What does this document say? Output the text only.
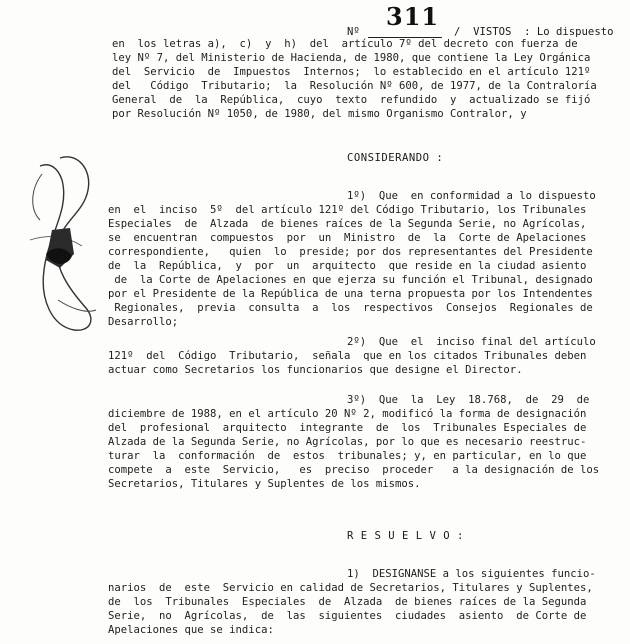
311
Nº	/  VISTOS  : Lo dispuesto
en  los letras a),  c)  y  h)  del  artículo 7º del decreto con fuerza de
ley Nº 7, del Ministerio de Hacienda, de 1980, que contiene la Ley Orgánica
del  Servicio  de  Impuestos  Internos;  lo establecido en el artículo 121º
del   Código  Tributario;  la  Resolución Nº 600, de 1977, de la Contraloría
General  de  la  República,  cuyo  texto  refundido  y  actualizado se fijó
por Resolución Nº 1050, de 1980, del mismo Organismo Contralor, y
CONSIDERANDO :
1º)  Que  en conformidad a lo dispuesto
en  el  inciso  5º  del artículo 121º del Código Tributario, los Tribunales
Especiales  de  Alzada  de bienes raíces de la Segunda Serie, no Agrícolas,
se  encuentran  compuestos  por  un  Ministro  de  la  Corte de Apelaciones
correspondiente,   quien  lo  preside; por dos representantes del Presidente
de  la  República,  y  por  un  arquitecto  que reside en la ciudad asiento
de  la Corte de Apelaciones en que ejerza su función el Tribunal, designado
por el Presidente de la República de una terna propuesta por los Intendentes
Regionales,  previa  consulta  a  los  respectivos  Consejos  Regionales de
Desarrollo;
2º)  Que  el  inciso final del artículo
121º  del  Código  Tributario,  señala  que en los citados Tribunales deben
actuar como Secretarios los funcionarios que designe el Director.
3º)  Que  la  Ley  18.768,  de  29  de
diciembre de 1988, en el artículo 20 Nº 2, modificó la forma de designación
del  profesional  arquitecto  integrante  de  los  Tribunales Especiales de
Alzada de la Segunda Serie, no Agrícolas, por lo que es necesario reestruc-
turar  la  conformación  de  estos  tribunales; y, en particular, en lo que
compete  a  este  Servicio,   es  preciso  proceder   a la designación de los
Secretarios, Titulares y Suplentes de los mismos.
R E S U E L V O :
1)  DESIGNANSE a los siguientes funcio-
narios  de  este  Servicio en calidad de Secretarios, Titulares y Suplentes,
de  los  Tribunales  Especiales  de  Alzada  de bienes raíces de la Segunda
Serie,  no  Agrícolas,  de  las  siguientes  ciudades  asiento  de Corte de
Apelaciones que se indica:
